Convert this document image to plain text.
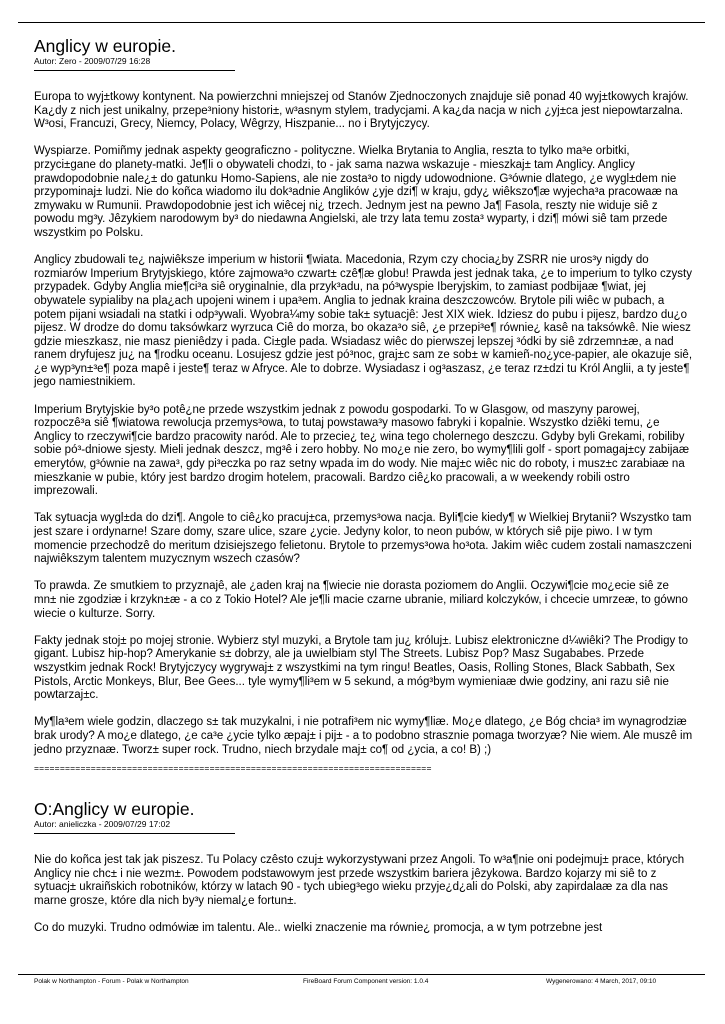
Anglicy w europie.

Autor: Zero - 2009/07/29 16:28

Europa to wyj±tkowy kontynent. Na powierzchni mniejszej od Stanów Zjednoczonych znajduje siê ponad 40 wyj±tkowych krajów. Ka¿dy z nich jest unikalny, przepe³niony histori±, w³asnym stylem, tradycjami. A ka¿da nacja w nich ¿yj±ca jest niepowtarzalna. W³osi, Francuzi, Grecy, Niemcy, Polacy, Wêgrzy, Hiszpanie... no i Brytyjczycy.

Wyspiarze. Pomiñmy jednak aspekty geograficzno - polityczne. Wielka Brytania to Anglia, reszta to tylko ma³e orbitki, przyci±gane do planety-matki. Je¶li o obywateli chodzi, to - jak sama nazwa wskazuje - mieszkaj± tam Anglicy. Anglicy prawdopodobnie nale¿± do gatunku Homo-Sapiens, ale nie zosta³o to nigdy udowodnione. G³ównie dlatego, ¿e wygl±dem nie przypominaj± ludzi. Nie do koñca wiadomo ilu dok³adnie Anglików ¿yje dzi¶ w kraju, gdy¿ wiêkszo¶æ wyjecha³a pracowaæ na zmywaku w Rumunii. Prawdopodobnie jest ich wiêcej ni¿ trzech. Jednym jest na pewno Ja¶ Fasola, reszty nie widuje siê z powodu mg³y. Jêzykiem narodowym by³ do niedawna Angielski, ale trzy lata temu zosta³ wyparty, i dzi¶ mówi siê tam przede wszystkim po Polsku.

Anglicy zbudowali te¿ najwiêksze imperium w historii ¶wiata. Macedonia, Rzym czy chocia¿by ZSRR nie uros³y nigdy do rozmiarów Imperium Brytyjskiego, które zajmowa³o czwart± czê¶æ globu! Prawda jest jednak taka, ¿e to imperium to tylko czysty przypadek. Gdyby Anglia mie¶ci³a siê oryginalnie, dla przyk³adu, na pó³wyspie Iberyjskim, to zamiast podbijaæ ¶wiat, jej obywatele sypialiby na pla¿ach upojeni winem i upa³em. Anglia to jednak kraina deszczowców. Brytole pili wiêc w pubach, a potem pijani wsiadali na statki i odp³ywali. Wyobra¼my sobie tak± sytuacjê: Jest XIX wiek. Idziesz do pubu i pijesz, bardzo du¿o pijesz. W drodze do domu taksówkarz wyrzuca Ciê do morza, bo okaza³o siê, ¿e przepi³e¶ równie¿ kasê na taksówkê. Nie wiesz gdzie mieszkasz, nie masz pieniêdzy i pada. Ci±gle pada. Wsiadasz wiêc do pierwszej lepszej ³ódki by siê zdrzemn±æ, a nad ranem dryfujesz ju¿ na ¶rodku oceanu. Losujesz gdzie jest pó³noc, graj±c sam ze sob± w kamieñ-no¿yce-papier, ale okazuje siê, ¿e wyp³yn±³e¶ poza mapê i jeste¶ teraz w Afryce. Ale to dobrze. Wysiadasz i og³aszasz, ¿e teraz rz±dzi tu Król Anglii, a ty jeste¶ jego namiestnikiem.

Imperium Brytyjskie by³o potê¿ne przede wszystkim jednak z powodu gospodarki. To w Glasgow, od maszyny parowej, rozpoczê³a siê ¶wiatowa rewolucja przemys³owa, to tutaj powstawa³y masowo fabryki i kopalnie. Wszystko dziêki temu, ¿e Anglicy to rzeczywi¶cie bardzo pracowity naród. Ale to przecie¿ te¿ wina tego cholernego deszczu. Gdyby byli Grekami, robiliby sobie pó³-dniowe sjesty. Mieli jednak deszcz, mg³ê i zero hobby. No mo¿e nie zero, bo wymy¶lili golf - sport pomagaj±cy zabijaæ emerytów, g³ównie na zawa³, gdy pi³eczka po raz setny wpada im do wody. Nie maj±c wiêc nic do roboty, i musz±c zarabiaæ na mieszkanie w pubie, który jest bardzo drogim hotelem, pracowali. Bardzo ciê¿ko pracowali, a w weekendy robili ostro imprezowali.

Tak sytuacja wygl±da do dzi¶. Angole to ciê¿ko pracuj±ca, przemys³owa nacja. Byli¶cie kiedy¶ w Wielkiej Brytanii? Wszystko tam jest szare i ordynarne! Szare domy, szare ulice, szare ¿ycie. Jedyny kolor, to neon pubów, w których siê pije piwo. I w tym momencie przechodzê do meritum dzisiejszego felietonu. Brytole to przemys³owa ho³ota. Jakim wiêc cudem zostali namaszczeni najwiêkszym talentem muzycznym wszech czasów?

To prawda. Ze smutkiem to przyznajê, ale ¿aden kraj na ¶wiecie nie dorasta poziomem do Anglii. Oczywi¶cie mo¿ecie siê ze mn± nie zgodziæ i krzykn±æ - a co z Tokio Hotel? Ale je¶li macie czarne ubranie, miliard kolczyków, i chcecie umrzeæ, to gówno wiecie o kulturze. Sorry.

Fakty jednak stoj± po mojej stronie. Wybierz styl muzyki, a Brytole tam ju¿ króluj±. Lubisz elektroniczne d¼wiêki? The Prodigy to gigant. Lubisz hip-hop? Amerykanie s± dobrzy, ale ja uwielbiam styl The Streets. Lubisz Pop? Masz Sugababes. Przede wszystkim jednak Rock! Brytyjczycy wygrywaj± z wszystkimi na tym ringu! Beatles, Oasis, Rolling Stones, Black Sabbath, Sex Pistols, Arctic Monkeys, Blur, Bee Gees... tyle wymy¶li³em w 5 sekund, a móg³bym wymieniaæ dwie godziny, ani razu siê nie powtarzaj±c.

My¶la³em wiele godzin, dlaczego s± tak muzykalni, i nie potrafi³em nic wymy¶liæ. Mo¿e dlatego, ¿e Bóg chcia³ im wynagrodziæ brak urody? A mo¿e dlatego, ¿e ca³e ¿ycie tylko æpaj± i pij± - a to podobno strasznie pomaga tworzyæ? Nie wiem. Ale muszê im jedno przyznaæ. Tworz± super rock. Trudno, niech brzydale maj± co¶ od ¿ycia, a co! B) ;)

=============================================================================

O:Anglicy w europie.

Autor: anieliczka - 2009/07/29 17:02

Nie do koñca jest tak jak piszesz. Tu Polacy czêsto czuj± wykorzystywani przez Angoli. To w³a¶nie oni podejmuj± prace, których Anglicy nie chc± i nie wezm±. Powodem podstawowym jest przede wszystkim bariera jêzykowa. Bardzo kojarzy mi siê to z sytuacj± ukraiñskich robotników, którzy w latach 90 - tych ubieg³ego wieku przyje¿d¿ali do Polski, aby zapirdalaæ za dla nas marne grosze, które dla nich by³y niemal¿e fortun±.

Co do muzyki. Trudno odmówiæ im talentu. Ale.. wielki znaczenie ma równie¿ promocja, a w tym potrzebne jest

Polak w Northampton - Forum - Polak w Northampton	FireBoard Forum Component version: 1.0.4	Wygenerowano: 4 March, 2017, 09:10
